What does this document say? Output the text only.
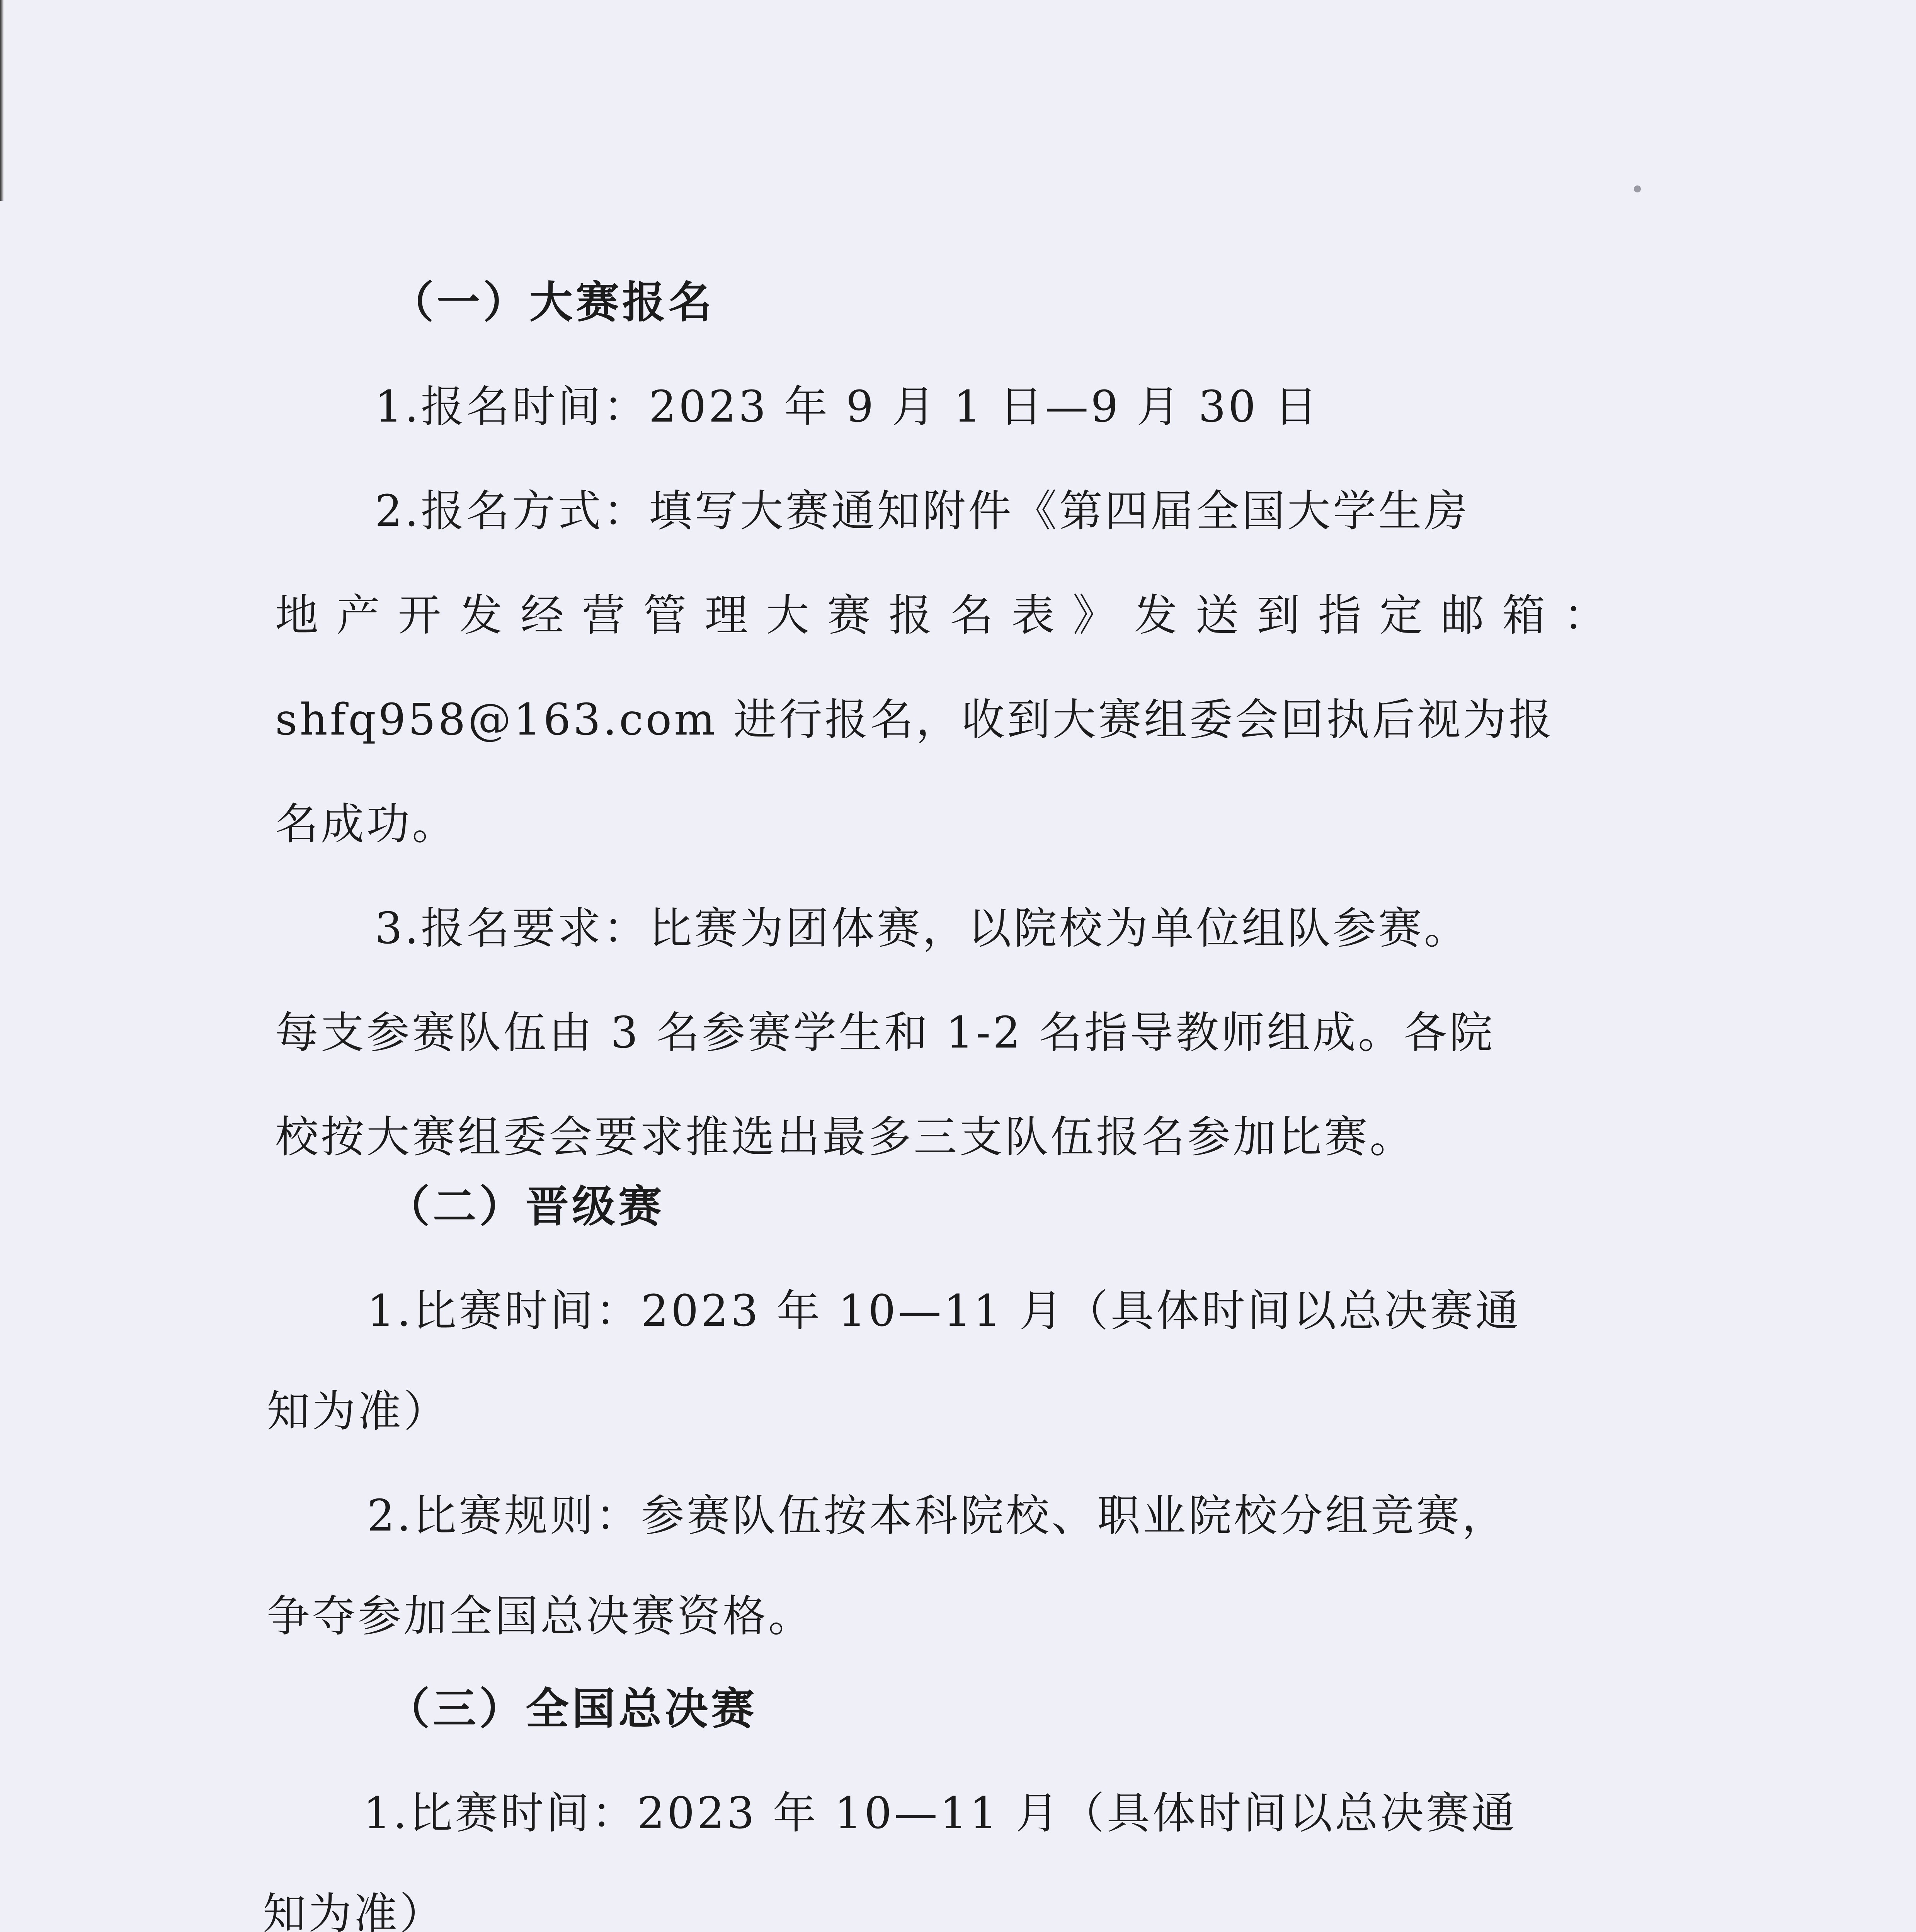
（一）大赛报名
1.报名时间：2023 年 9 月 1 日—9 月 30 日
2.报名方式：填写大赛通知附件《第四届全国大学生房
地 产 开 发 经 营 管 理 大 赛 报 名 表 》 发 送 到 指 定 邮 箱 ：
shfq958@163.com 进行报名，收到大赛组委会回执后视为报
名成功。
3.报名要求：比赛为团体赛，以院校为单位组队参赛。
每支参赛队伍由 3 名参赛学生和 1-2 名指导教师组成。各院
校按大赛组委会要求推选出最多三支队伍报名参加比赛。
（二）晋级赛
1.比赛时间：2023 年 10—11 月（具体时间以总决赛通
知为准）
2.比赛规则：参赛队伍按本科院校、职业院校分组竞赛，
争夺参加全国总决赛资格。
（三）全国总决赛
1.比赛时间：2023 年 10—11 月（具体时间以总决赛通
知为准）
